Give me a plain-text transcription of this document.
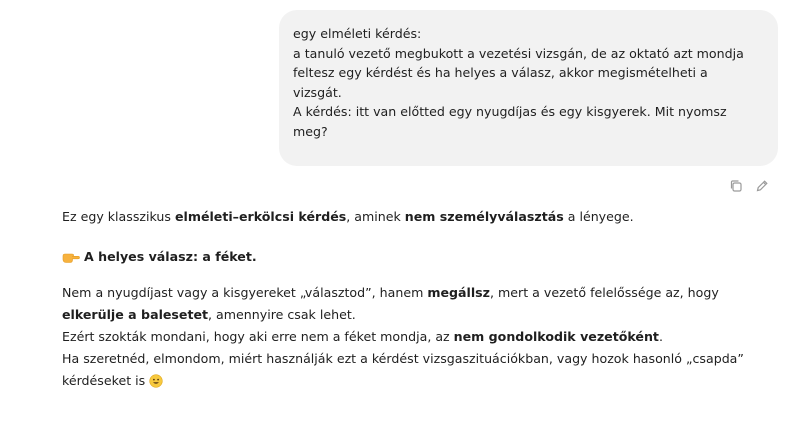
egy elméleti kérdés:
a tanuló vezető megbukott a vezetési vizsgán, de az oktató azt mondja
feltesz egy kérdést és ha helyes a válasz, akkor megismételheti a
vizsgát.
A kérdés: itt van előtted egy nyugdíjas és egy kisgyerek. Mit nyomsz
meg?

Ez egy klasszikus elméleti–erkölcsi kérdés, aminek nem személyválasztás a lényege.

A helyes válasz: a féket.

Nem a nyugdíjast vagy a kisgyereket „választod”, hanem megállsz, mert a vezető felelőssége az, hogy
elkerülje a balesetet, amennyire csak lehet.
Ezért szokták mondani, hogy aki erre nem a féket mondja, az nem gondolkodik vezetőként.

Ha szeretnéd, elmondom, miért használják ezt a kérdést vizsgaszituációkban, vagy hozok hasonló „csapda”
kérdéseket is
